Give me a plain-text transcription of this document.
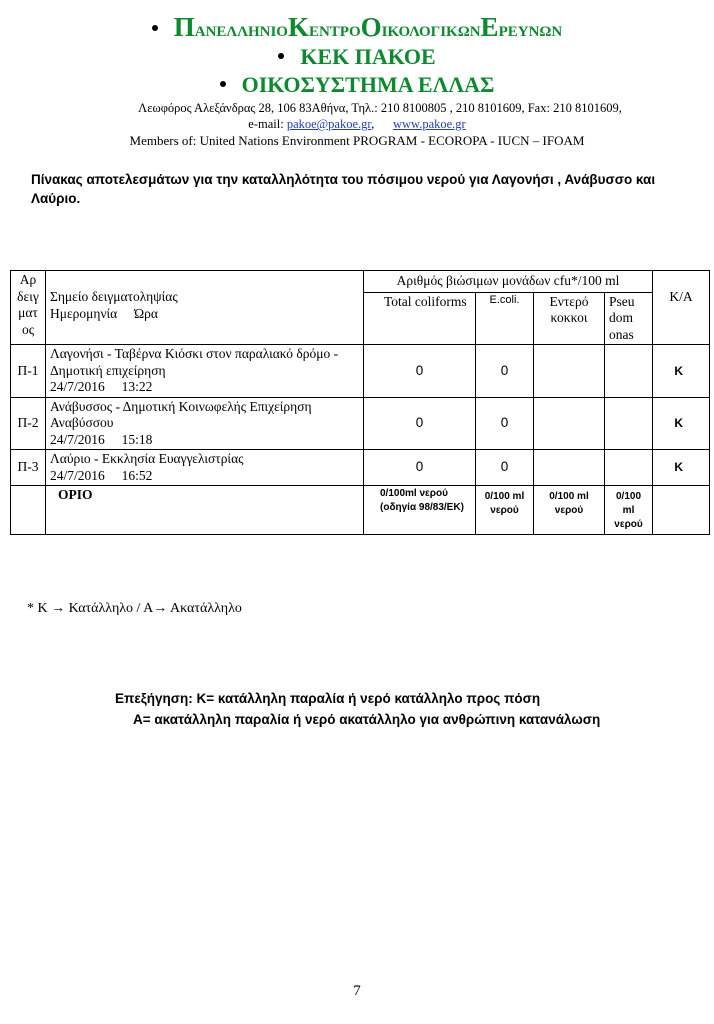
ΠΑΝΕΛΛΗΝΙΟΚΕΝΤΡΟΟΙΚΟΛΟΓΙΚΩΝΕΡΕΥΝΩΝ
ΚΕΚ ΠΑΚΟΕ
ΟΙΚΟΣΥΣΤΗΜΑ ΕΛΛΑΣ
Λεωφόρος Αλεξάνδρας 28, 106 83Αθήνα, Τηλ.: 210 8100805 , 210 8101609, Fax: 210 8101609,
e-mail: pakoe@pakoe.gr, www.pakoe.gr
Members of: United Nations Environment PROGRAM - ECOROPA - IUCN – IFOAM
Πίνακας αποτελεσμάτων για την καταλληλότητα του πόσιμου νερού για Λαγονήσι , Ανάβυσσο και Λαύριο.
Αρ
δειγ
ματ
ος	Σημείο δειγματοληψίας
Ημερομηνία     Ώρα	Αριθμός βιώσιμων μονάδων cfu*/100 ml				Κ/Α
		Total coliforms	E.coli.	Εντερό κοκκοι	Pseu
dom
onas	
Π-1	Λαγονήσι - Ταβέρνα Κιόσκι στον παραλιακό δρόμο - Δημοτική επιχείρηση
24/7/2016     13:22	0	0			Κ
Π-2	Ανάβυσσος - Δημοτική Κοινωφελής Επιχείρηση Αναβύσσου
24/7/2016     15:18	0	0			Κ
Π-3	Λαύριο - Εκκλησία Ευαγγελιστρίας
24/7/2016     16:52	0	0			Κ
	ΟΡΙΟ	0/100ml νερού (οδηγία 98/83/ΕΚ)	0/100 ml νερού	0/100 ml νερού	0/100 ml νερού	
* Κ → Κατάλληλο / Α→ Ακατάλληλο
Επεξήγηση: Κ= κατάλληλη παραλία ή νερό κατάλληλο προς πόση
Α= ακατάλληλη παραλία ή νερό ακατάλληλο για ανθρώπινη κατανάλωση
7
